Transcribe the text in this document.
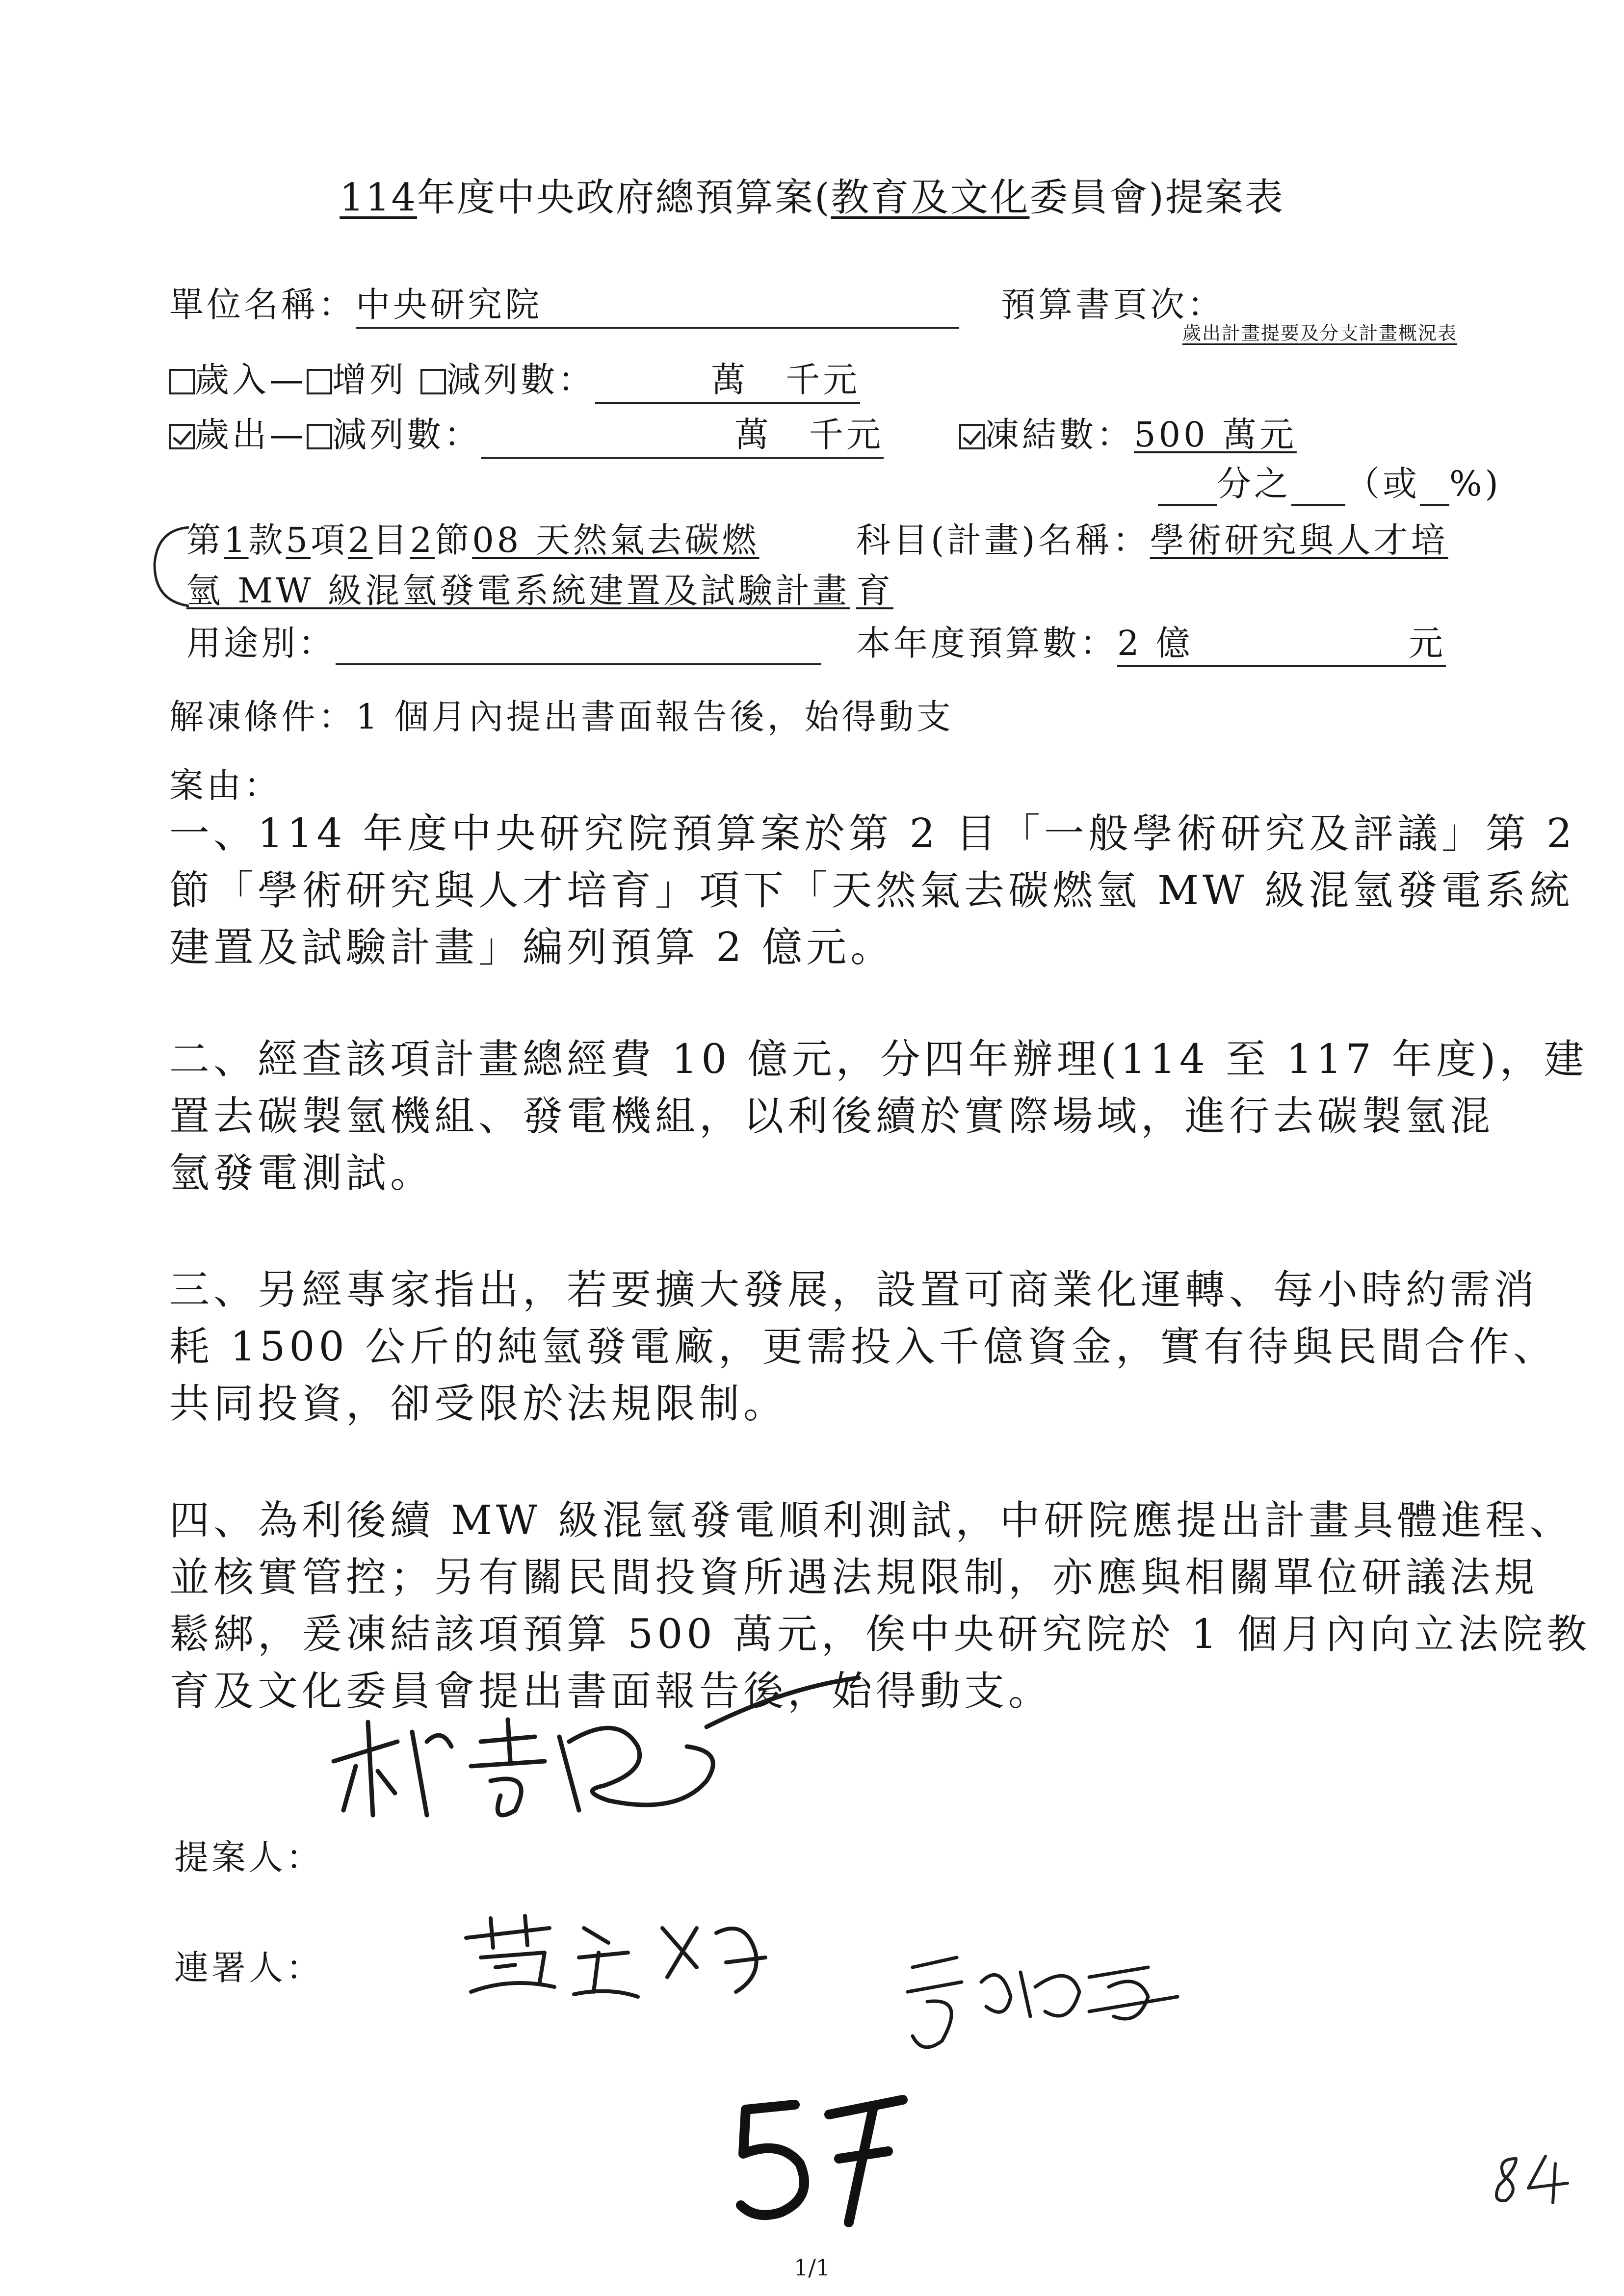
114年度中央政府總預算案(教育及文化委員會)提案表
單位名稱：中央研究院	預算書頁次：
歲出計畫提要及分支計畫概況表
歲入— 增列 減列數：	萬　千元
歲出— 減列數：	萬　千元	凍結數：500 萬元
分之 （或 %)
第1款5項2目2節08 天然氣去碳燃
氫 MW 級混氫發電系統建置及試驗計畫
科目(計畫)名稱：學術研究與人才培
育
用途別：	本年度預算數：2 億	元
解凍條件：1 個月內提出書面報告後，始得動支
案由：
一、114 年度中央研究院預算案於第 2 目「一般學術研究及評議」第 2
節「學術研究與人才培育」項下「天然氣去碳燃氫 MW 級混氫發電系統
建置及試驗計畫」編列預算 2 億元。
二、經查該項計畫總經費 10 億元，分四年辦理(114 至 117 年度)，建
置去碳製氫機組、發電機組，以利後續於實際場域，進行去碳製氫混
氫發電測試。
三、另經專家指出，若要擴大發展，設置可商業化運轉、每小時約需消
耗 1500 公斤的純氫發電廠，更需投入千億資金，實有待與民間合作、
共同投資，卻受限於法規限制。
四、為利後續 MW 級混氫發電順利測試，中研院應提出計畫具體進程、
並核實管控；另有關民間投資所遇法規限制，亦應與相關單位研議法規
鬆綁，爰凍結該項預算 500 萬元，俟中央研究院於 1 個月內向立法院教
育及文化委員會提出書面報告後，始得動支。
提案人：
連署人：
1/1
